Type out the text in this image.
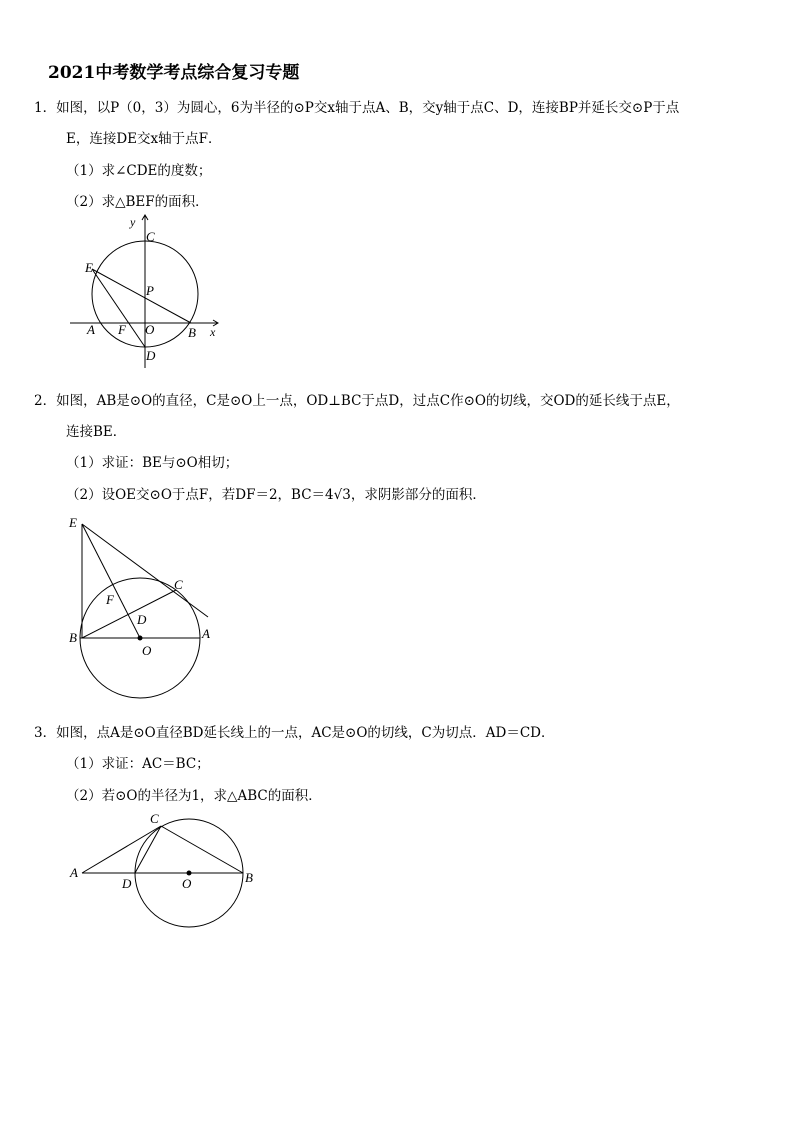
2021中考数学考点综合复习专题
1．如图，以P（0，3）为圆心，6为半径的⊙P交x轴于点A、B，交y轴于点C、D，连接BP并延长交⊙P于点
E，连接DE交x轴于点F．
（1）求∠CDE的度数；
（2）求△BEF的面积．
y
C
E
P
A F O	B x
D
2．如图，AB是⊙O的直径，C是⊙O上一点，OD⊥BC于点D，过点C作⊙O的切线，交OD的延长线于点E，
连接BE．
（1）求证：BE与⊙O相切；
（2）设OE交⊙O于点F，若DF＝2，BC＝4√3，求阴影部分的面积．
E
C
F
D
B	A
O
3．如图，点A是⊙O直径BD延长线上的一点，AC是⊙O的切线，C为切点．AD＝CD．
（1）求证：AC＝BC；
（2）若⊙O的半径为1，求△ABC的面积．
C
A
D	O	B
